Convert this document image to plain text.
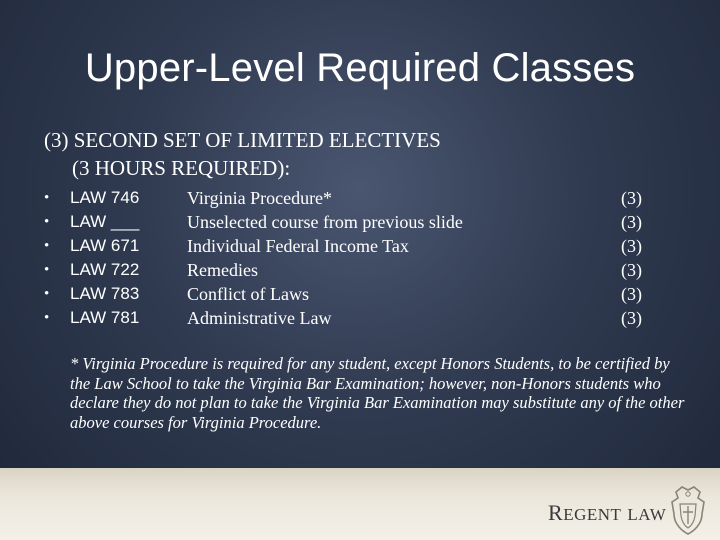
Upper-Level Required Classes
(3) SECOND SET OF LIMITED ELECTIVES
(3 HOURS REQUIRED):
• LAW 746	Virginia Procedure*	(3)
• LAW ___	Unselected course from previous slide	(3)
• LAW 671	Individual Federal Income Tax	(3)
• LAW 722	Remedies	(3)
• LAW 783	Conflict of Laws	(3)
• LAW 781	Administrative Law	(3)
* Virginia Procedure is required for any student, except Honors Students, to be certified by the Law School to take the Virginia Bar Examination; however, non-Honors students who declare they do not plan to take the Virginia Bar Examination may substitute any of the other above courses for Virginia Procedure.
REGENT LAW
